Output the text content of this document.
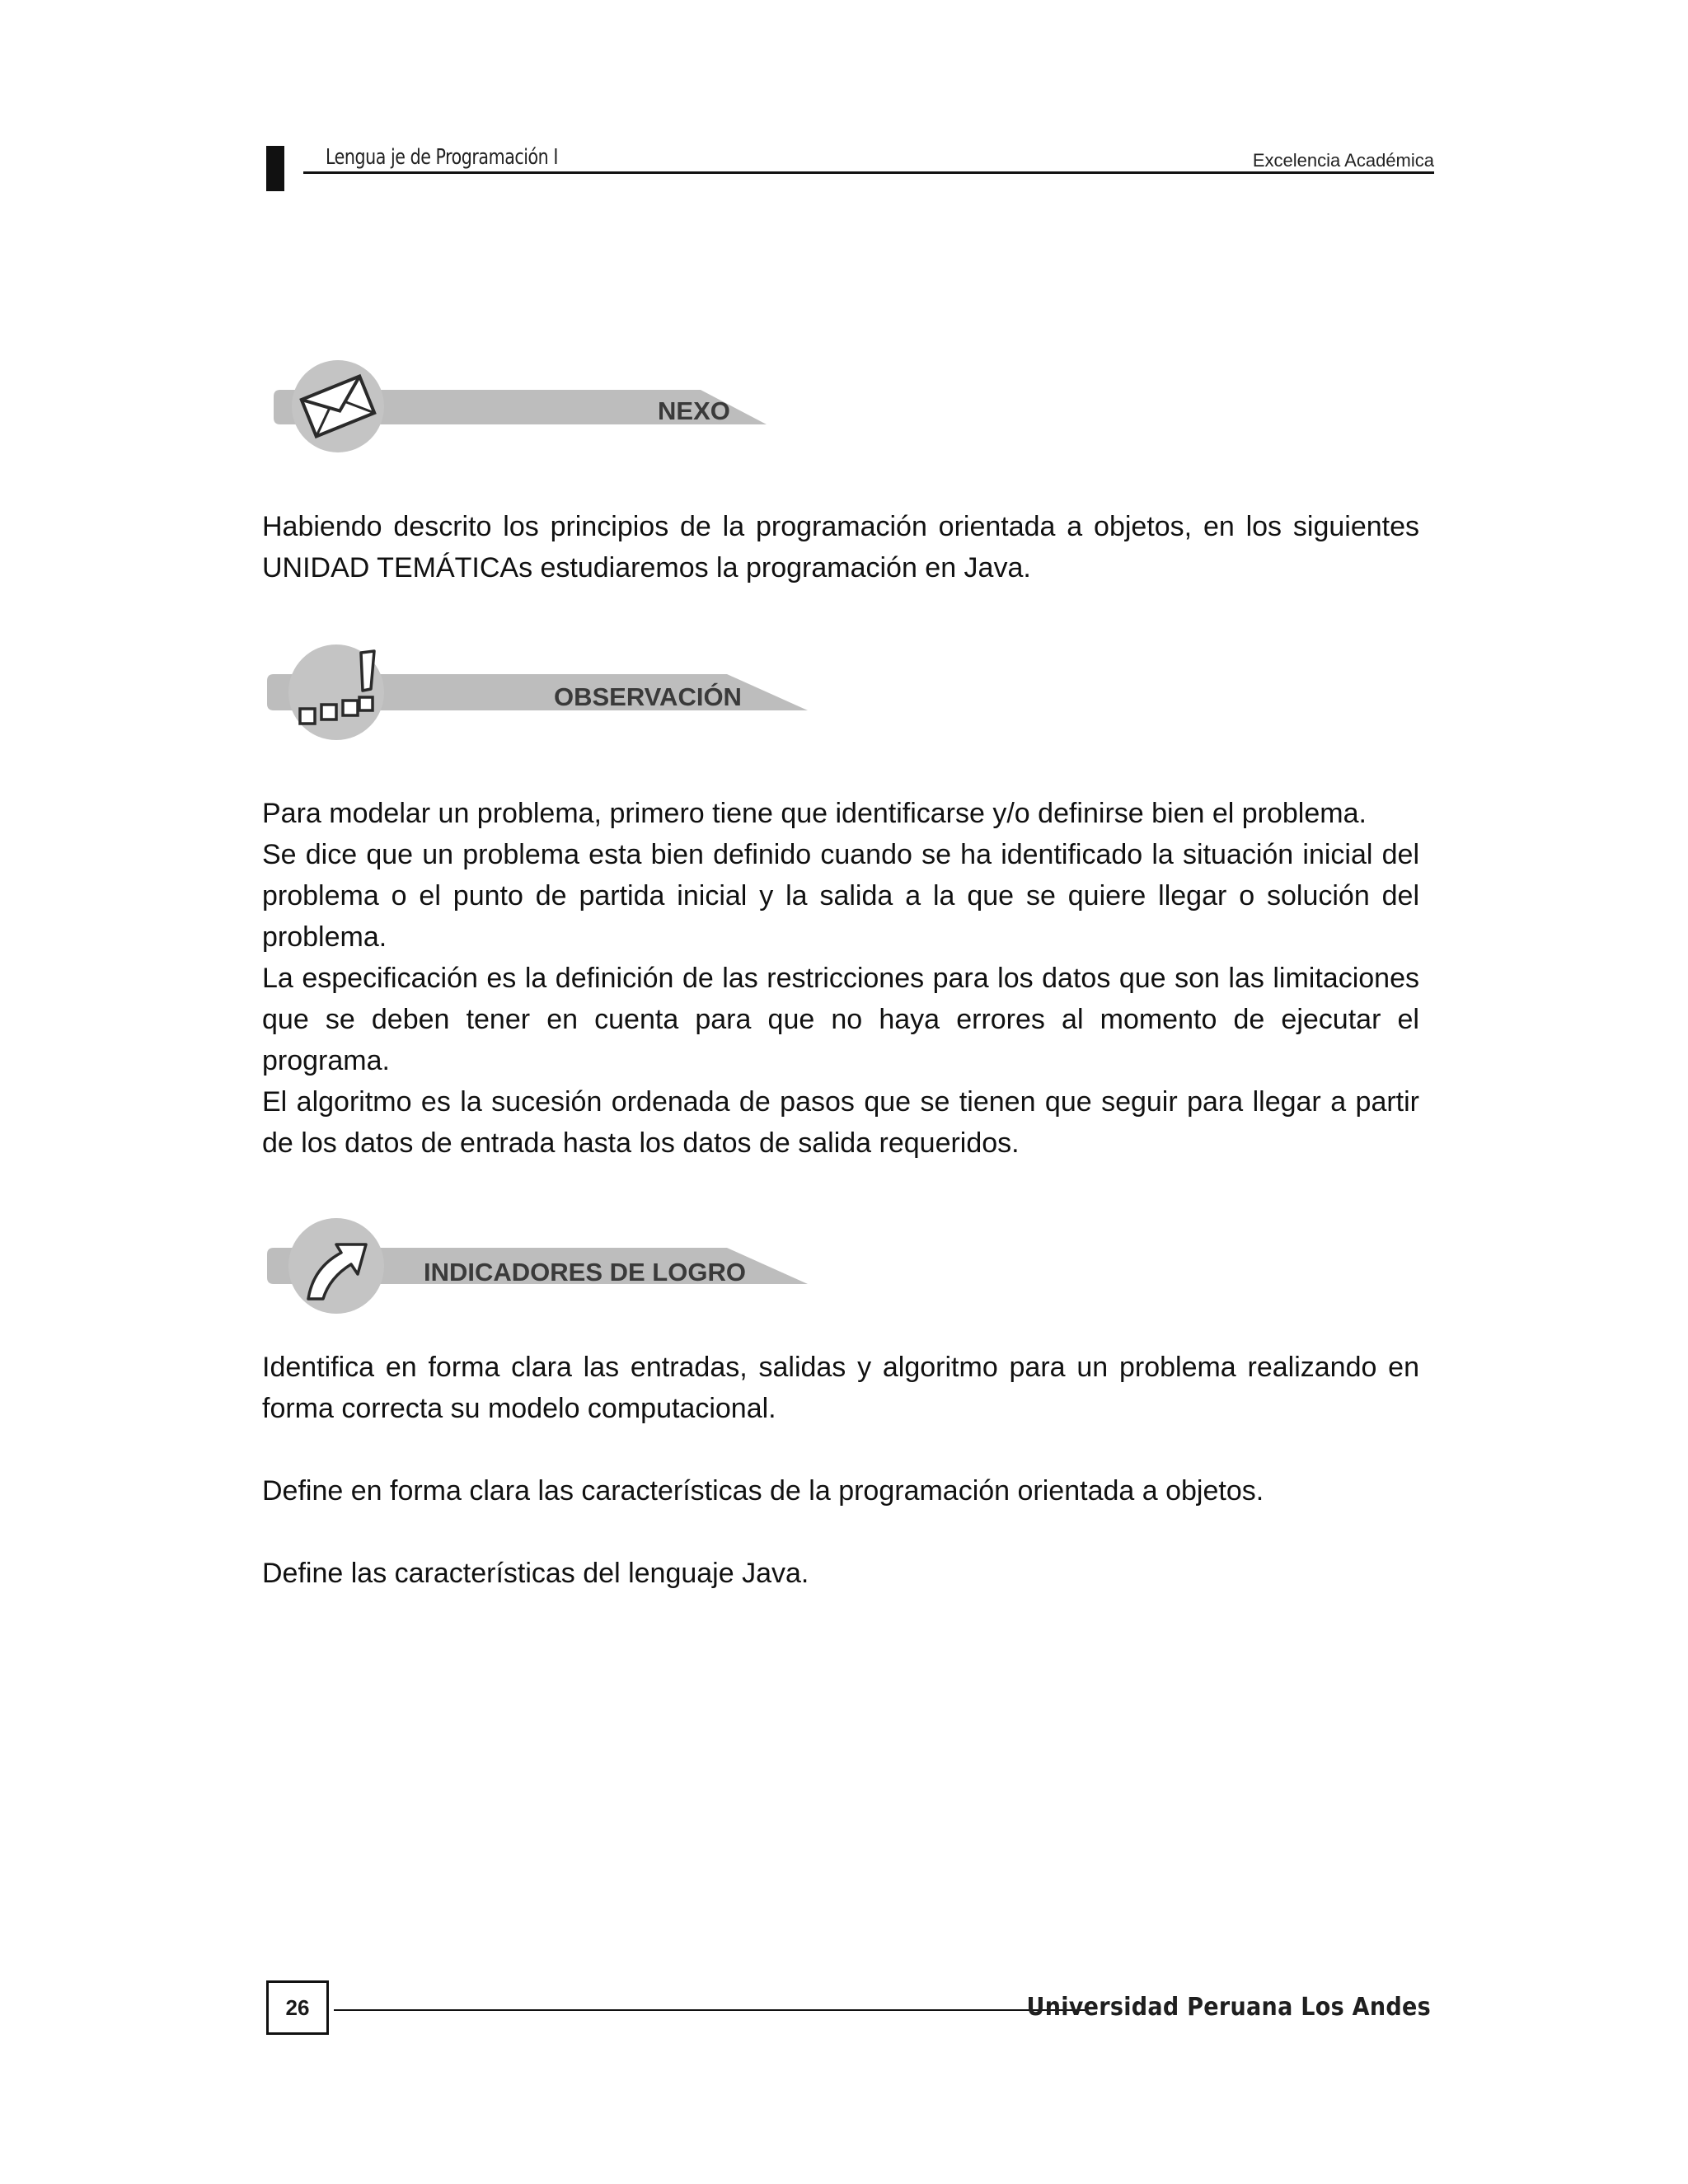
Lengua je de Programación I	Excelencia Académica
NEXO

Habiendo descrito los principios de la programación orientada a objetos, en los siguientes UNIDAD TEMÁTICAs estudiaremos la programación en Java.

OBSERVACIÓN

Para modelar un problema, primero tiene que identificarse y/o definirse bien el problema.

Se dice que un problema esta bien definido cuando se ha identificado la situación inicial del problema o el punto de partida inicial y la salida a la que se quiere llegar o solución del problema.

La especificación es la definición de las restricciones para los datos que son las limitaciones que se deben tener en cuenta para que no haya errores al momento de ejecutar el programa.

El algoritmo es la sucesión ordenada de pasos que se tienen que seguir para llegar a partir de los datos de entrada hasta los datos de salida requeridos.

INDICADORES DE LOGRO

Identifica en forma clara las entradas, salidas y algoritmo para un problema realizando en forma correcta su modelo computacional.

Define en forma clara las características de la programación orientada a objetos.

Define las características del lenguaje Java.

26	Universidad Peruana Los Andes
